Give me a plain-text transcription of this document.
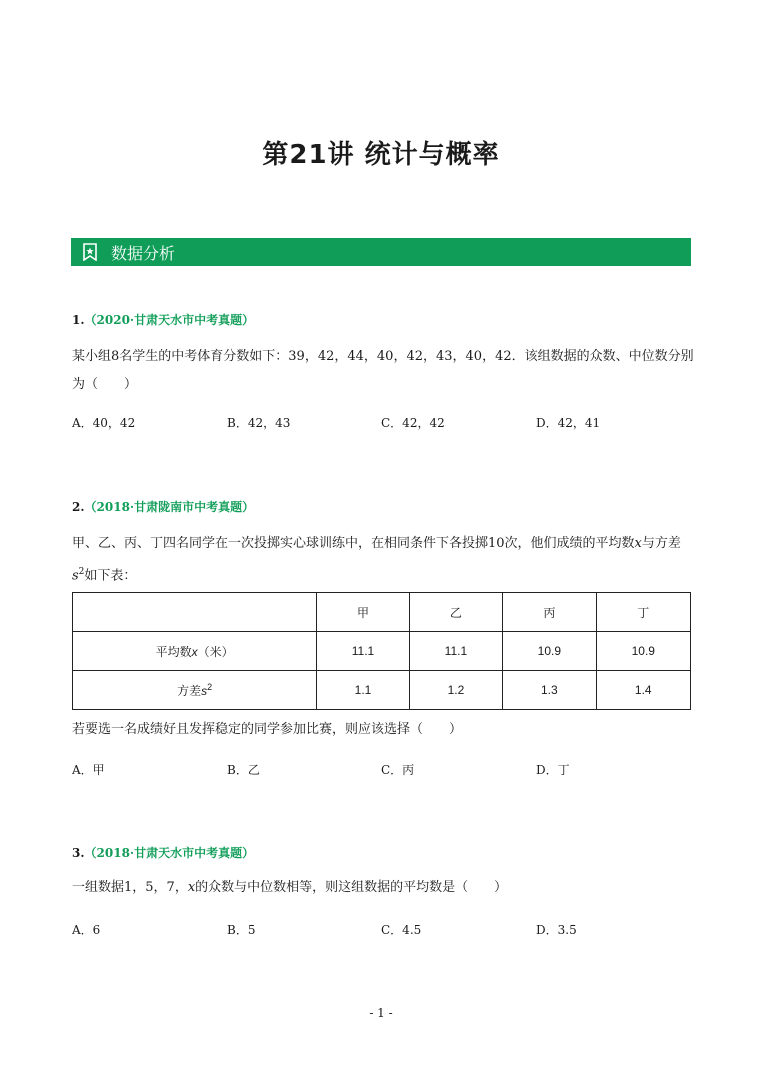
第21讲 统计与概率
数据分析
1.（2020·甘肃天水市中考真题）
某小组8名学生的中考体育分数如下：39，42，44，40，42，43，40，42．该组数据的众数、中位数分别
为（　　）
A．40，42	B．42，43	C．42，42	D．42，41
2.（2018·甘肃陇南市中考真题）
甲、乙、丙、丁四名同学在一次投掷实心球训练中，在相同条件下各投掷10次，他们成绩的平均数x与方差
$s^2$如下表：
	甲	乙	丙	丁
平均数x（米）	11.1	11.1	10.9	10.9
方差$s^2$	1.1	1.2	1.3	1.4
若要选一名成绩好且发挥稳定的同学参加比赛，则应该选择（　　）
A．甲	B．乙	C．丙	D．丁
3.（2018·甘肃天水市中考真题）
一组数据1，5，7，x的众数与中位数相等，则这组数据的平均数是（　　）
A．6	B．5	C．4.5	D．3.5
- 1 -
